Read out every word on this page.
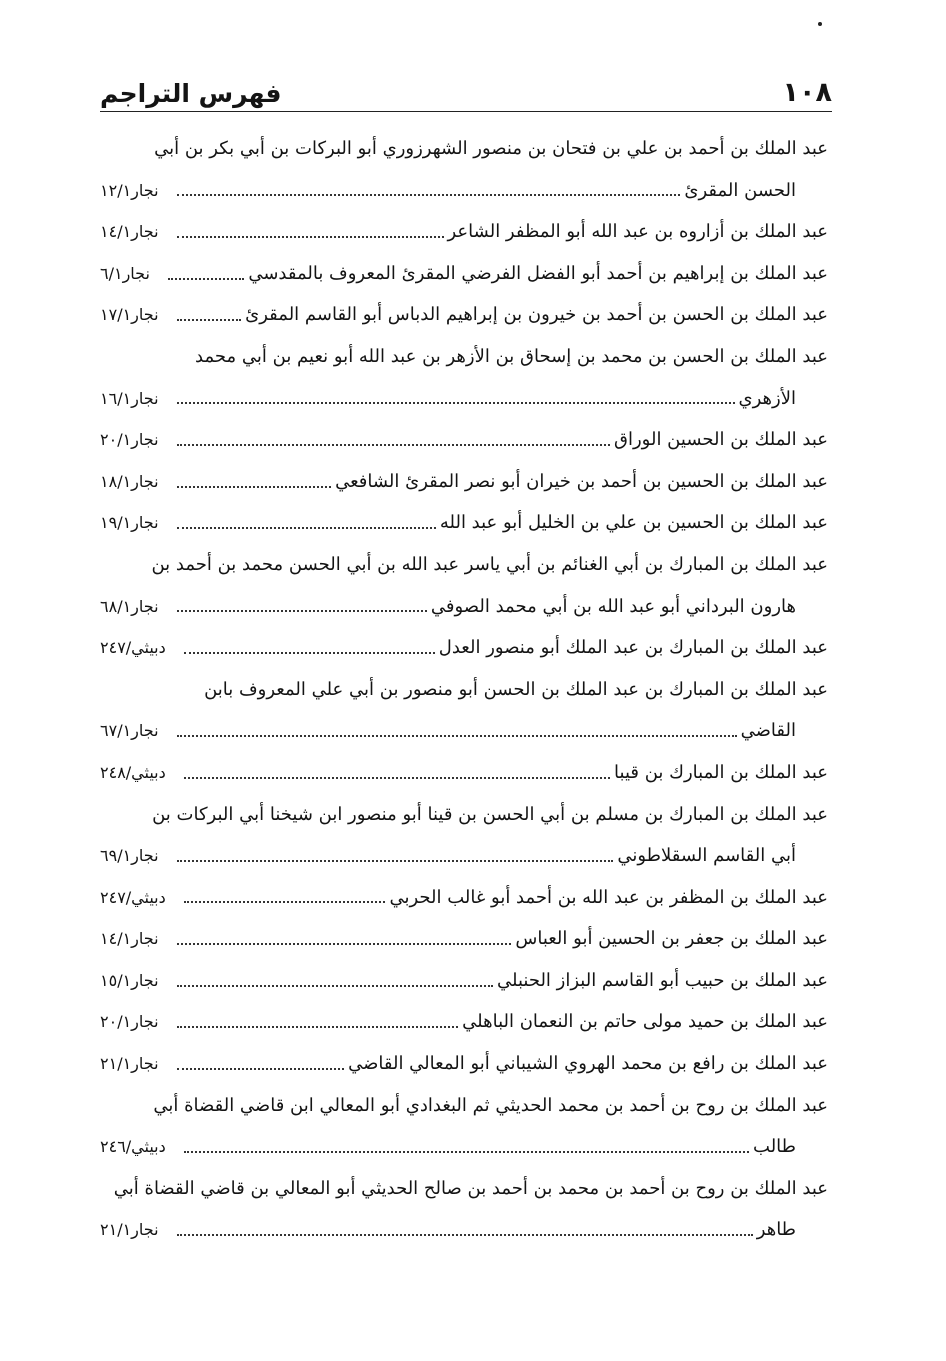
١٠٨
فهرس التراجم
عبد الملك بن أحمد بن علي بن فتحان بن منصور الشهرزوري أبو البركات بن أبي بكر بن أبي
الحسن المقرئ
نجار١٢/١
عبد الملك بن أزاروه بن عبد الله أبو المظفر الشاعر
نجار١٤/١
عبد الملك بن إبراهيم بن أحمد أبو الفضل الفرضي المقرئ المعروف بالمقدسي
نجار٦/١
عبد الملك بن الحسن بن أحمد بن خيرون بن إبراهيم الدباس أبو القاسم المقرئ
نجار١٧/١
عبد الملك بن الحسن بن محمد بن إسحاق بن الأزهر بن عبد الله أبو نعيم بن أبي محمد
الأزهري
نجار١٦/١
عبد الملك بن الحسين الوراق
نجار٢٠/١
عبد الملك بن الحسين بن أحمد بن خيران أبو نصر المقرئ الشافعي
نجار١٨/١
عبد الملك بن الحسين بن علي بن الخليل أبو عبد الله
نجار١٩/١
عبد الملك بن المبارك بن أبي الغنائم بن أبي ياسر عبد الله بن أبي الحسن محمد بن أحمد بن
هارون البرداني أبو عبد الله بن أبي محمد الصوفي
نجار٦٨/١
عبد الملك بن المبارك بن عبد الملك أبو منصور العدل
دبيثي/٢٤٧
عبد الملك بن المبارك بن عبد الملك بن الحسن أبو منصور بن أبي علي المعروف بابن
القاضي
نجار٦٧/١
عبد الملك بن المبارك بن قيبا
دبيثي/٢٤٨
عبد الملك بن المبارك بن مسلم بن أبي الحسن بن قينا أبو منصور ابن شيخنا أبي البركات بن
أبي القاسم السقلاطوني
نجار٦٩/١
عبد الملك بن المظفر بن عبد الله بن أحمد أبو غالب الحربي
دبيثي/٢٤٧
عبد الملك بن جعفر بن الحسين أبو العباس
نجار١٤/١
عبد الملك بن حبيب أبو القاسم البزاز الحنبلي
نجار١٥/١
عبد الملك بن حميد مولى حاتم بن النعمان الباهلي
نجار٢٠/١
عبد الملك بن رافع بن محمد الهروي الشيباني أبو المعالي القاضي
نجار٢١/١
عبد الملك بن روح بن أحمد بن محمد الحديثي ثم البغدادي أبو المعالي ابن قاضي القضاة أبي
طالب
دبيثي/٢٤٦
عبد الملك بن روح بن أحمد بن محمد بن أحمد بن صالح الحديثي أبو المعالي بن قاضي القضاة أبي
طاهر
نجار٢١/١
